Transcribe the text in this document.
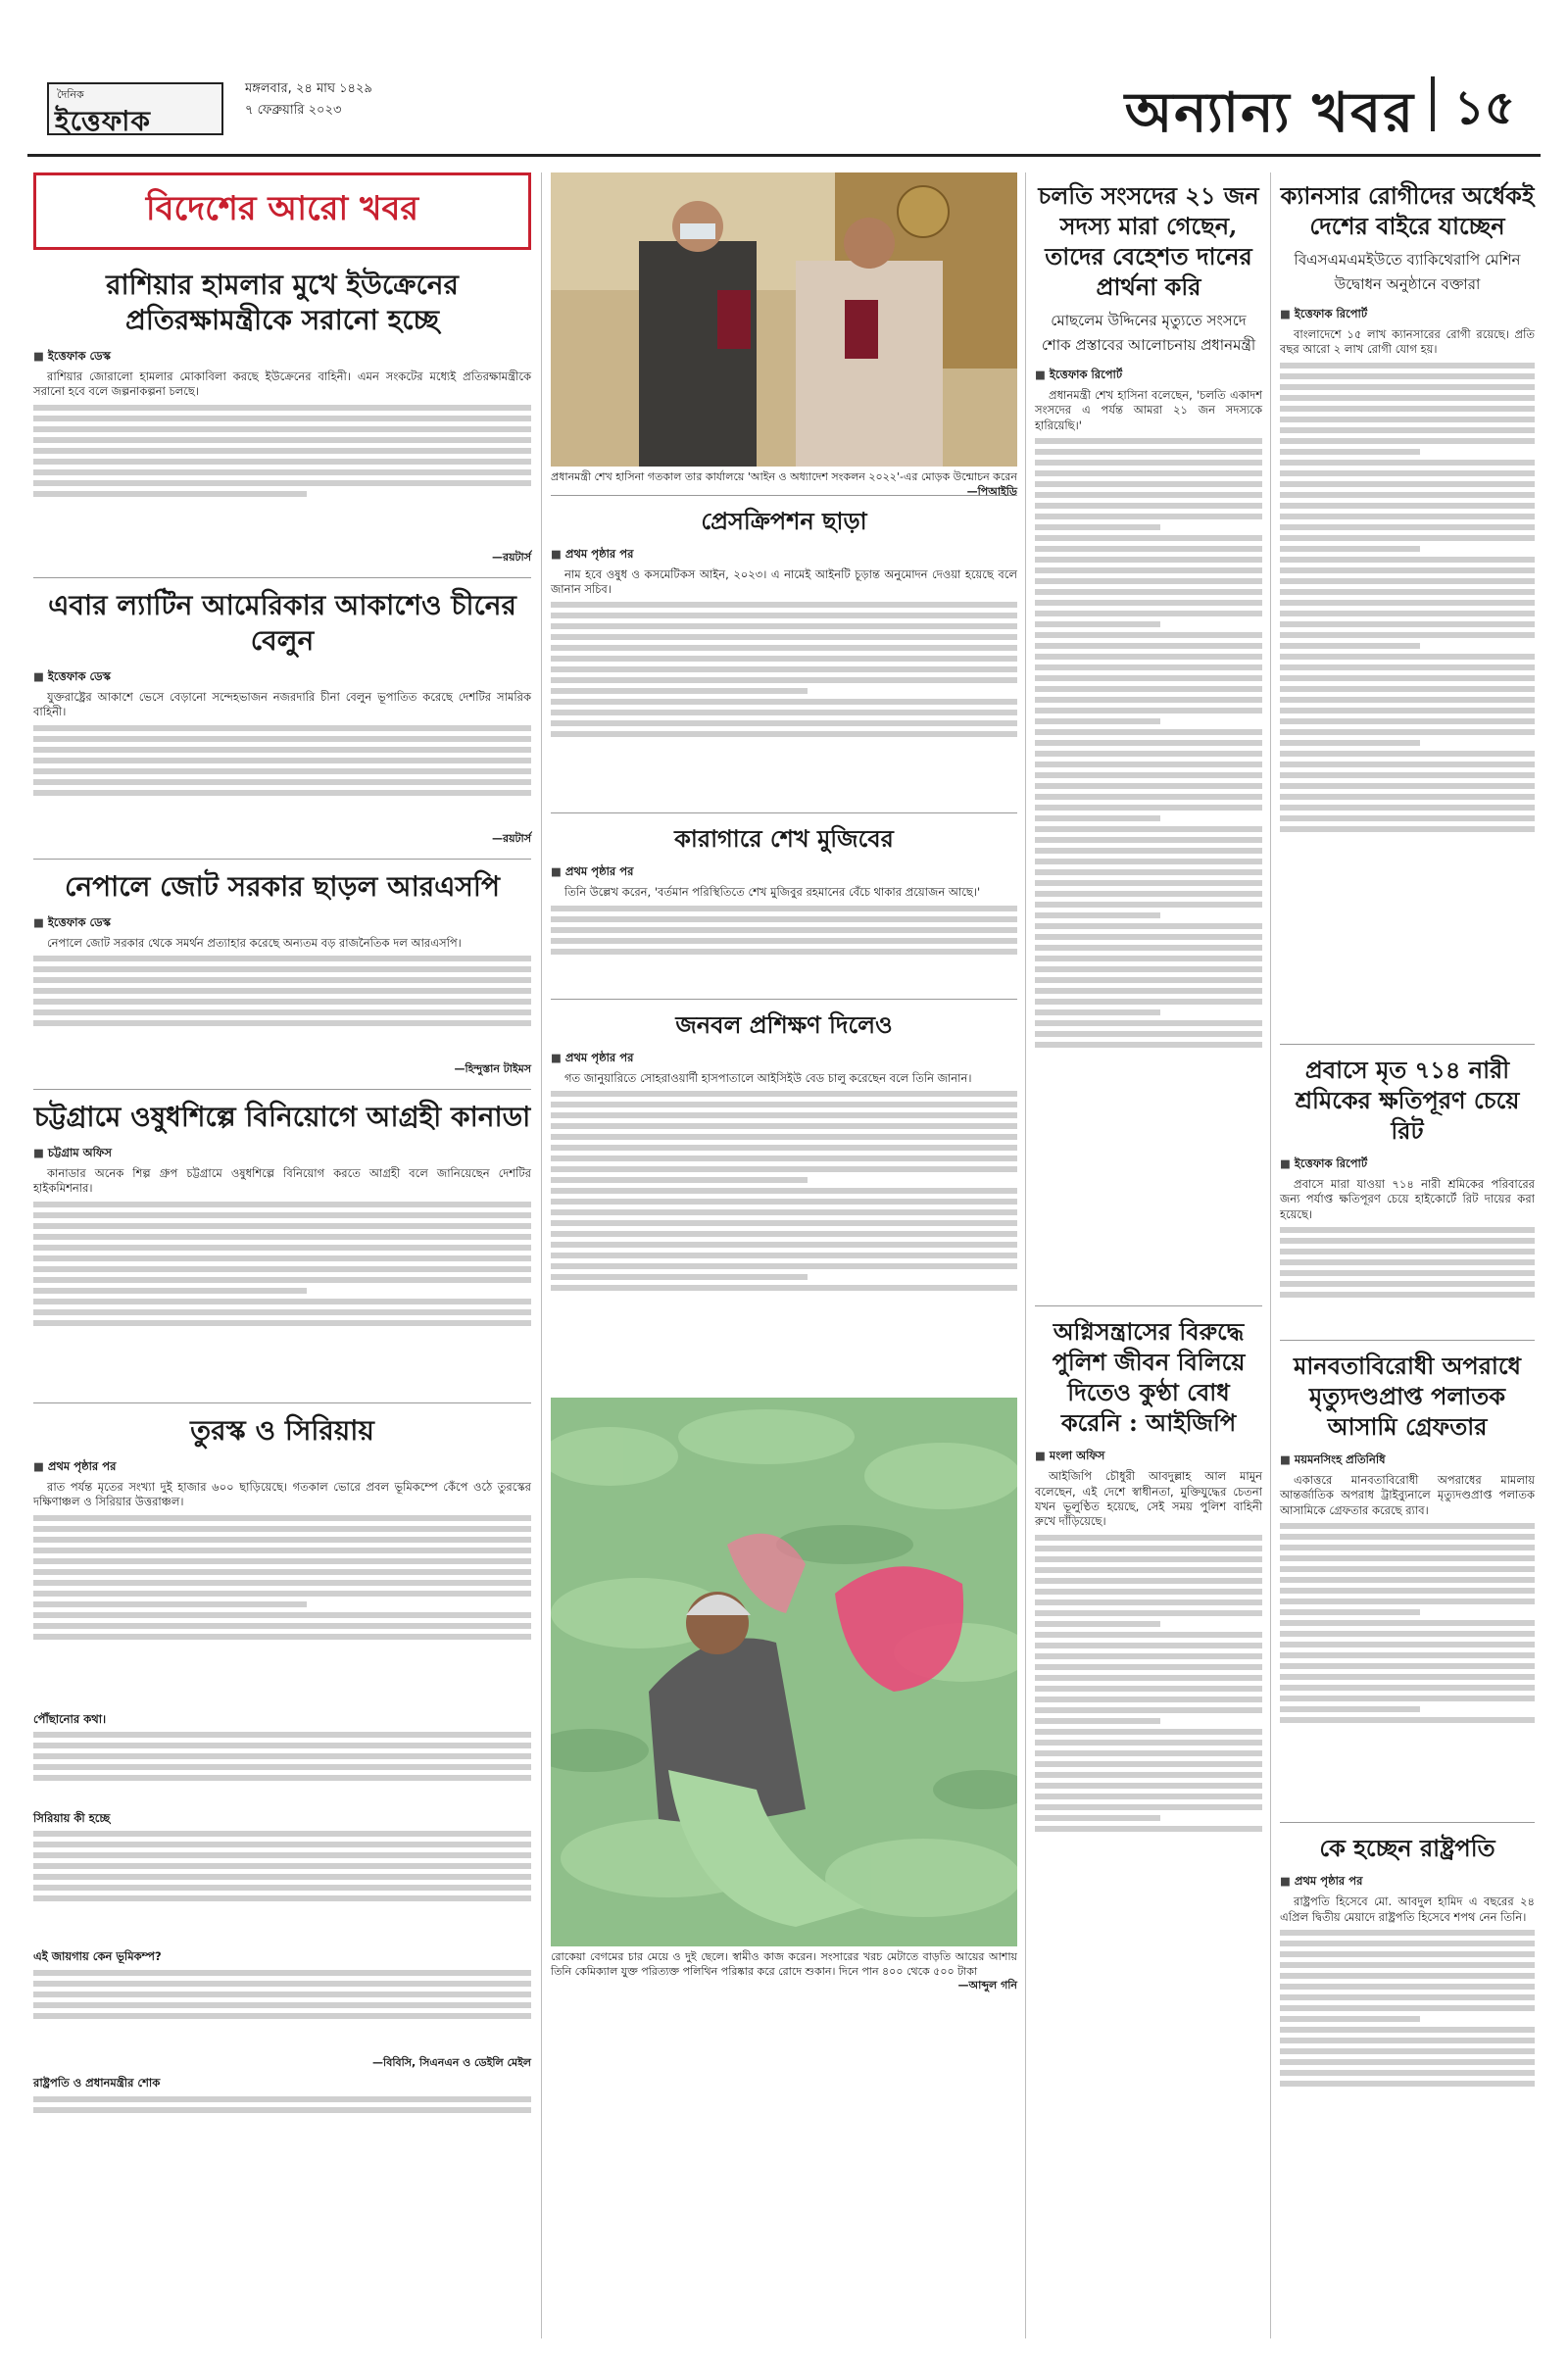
দৈনিক
ইত্তেফাক
মঙ্গলবার, ২৪ মাঘ ১৪২৯
৭ ফেব্রুয়ারি ২০২৩	অন্যান্য খবর ১৫
বিদেশের আরো খবর
রাশিয়ার হামলার মুখে ইউক্রেনের প্রতিরক্ষামন্ত্রীকে সরানো হচ্ছে
■ ইত্তেফাক ডেস্ক

রাশিয়ার জোরালো হামলার মোকাবিলা করছে ইউক্রেনের বাহিনী। এমন সংকটের মধ্যেই প্রতিরক্ষামন্ত্রীকে সরানো হবে বলে জল্পনাকল্পনা চলছে।

—রয়টার্স
এবার ল্যাটিন আমেরিকার আকাশেও চীনের বেলুন
■ ইত্তেফাক ডেস্ক

যুক্তরাষ্ট্রের আকাশে ভেসে বেড়ানো সন্দেহভাজন নজরদারি চীনা বেলুন ভূপাতিত করেছে দেশটির সামরিক বাহিনী।

—রয়টার্স
নেপালে জোট সরকার ছাড়ল আরএসপি
■ ইত্তেফাক ডেস্ক

নেপালে জোট সরকার থেকে সমর্থন প্রত্যাহার করেছে অন্যতম বড় রাজনৈতিক দল আরএসপি।

—হিন্দুস্তান টাইমস
চট্টগ্রামে ওষুধশিল্পে বিনিয়োগে আগ্রহী কানাডা
■ চট্টগ্রাম অফিস

কানাডার অনেক শিল্প গ্রুপ চট্টগ্রামে ওষুধশিল্পে বিনিয়োগ করতে আগ্রহী বলে জানিয়েছেন দেশটির হাইকমিশনার।

তুরস্ক ও সিরিয়ায়
■ প্রথম পৃষ্ঠার পর

রাত পর্যন্ত মৃতের সংখ্যা দুই হাজার ৬০০ ছাড়িয়েছে। গতকাল ভোরে প্রবল ভূমিকম্পে কেঁপে ওঠে তুরস্কের দক্ষিণাঞ্চল ও সিরিয়ার উত্তরাঞ্চল।

পৌঁছানোর কথা।
সিরিয়ায় কী হচ্ছে
এই জায়গায় কেন ভূমিকম্প?
—বিবিসি, সিএনএন ও ডেইলি মেইল
রাষ্ট্রপতি ও প্রধানমন্ত্রীর শোক
প্রধানমন্ত্রী শেখ হাসিনা গতকাল তার কার্যালয়ে 'আইন ও অধ্যাদেশ সংকলন ২০২২'-এর মোড়ক উন্মোচন করেন
—পিআইডি
প্রেসক্রিপশন ছাড়া
■ প্রথম পৃষ্ঠার পর

নাম হবে ওষুধ ও কসমেটিকস আইন, ২০২৩। এ নামেই আইনটি চূড়ান্ত অনুমোদন দেওয়া হয়েছে বলে জানান সচিব।

কারাগারে শেখ মুজিবের
■ প্রথম পৃষ্ঠার পর

তিনি উল্লেখ করেন, 'বর্তমান পরিস্থিতিতে শেখ মুজিবুর রহমানের বেঁচে থাকার প্রয়োজন আছে।'

জনবল প্রশিক্ষণ দিলেও
■ প্রথম পৃষ্ঠার পর

গত জানুয়ারিতে সোহরাওয়ার্দী হাসপাতালে আইসিইউ বেড চালু করেছেন বলে তিনি জানান।

রোকেয়া বেগমের চার মেয়ে ও দুই ছেলে। স্বামীও কাজ করেন। সংসারের খরচ মেটাতে বাড়তি আয়ের আশায় তিনি কেমিক্যাল যুক্ত পরিত্যক্ত পলিথিন পরিষ্কার করে রোদে শুকান। দিনে পান ৪০০ থেকে ৫০০ টাকা
—আব্দুল গনি
চলতি সংসদের ২১ জন সদস্য মারা গেছেন, তাদের বেহেশত দানের প্রার্থনা করি
মোছলেম উদ্দিনের মৃত্যুতে সংসদে শোক প্রস্তাবের আলোচনায় প্রধানমন্ত্রী
■ ইত্তেফাক রিপোর্ট

প্রধানমন্ত্রী শেখ হাসিনা বলেছেন, 'চলতি একাদশ সংসদের এ পর্যন্ত আমরা ২১ জন সদস্যকে হারিয়েছি।'

অগ্নিসন্ত্রাসের বিরুদ্ধে পুলিশ জীবন বিলিয়ে দিতেও কুণ্ঠা বোধ করেনি : আইজিপি
■ মংলা অফিস

আইজিপি চৌধুরী আবদুল্লাহ আল মামুন বলেছেন, এই দেশে স্বাধীনতা, মুক্তিযুদ্ধের চেতনা যখন ভূলুণ্ঠিত হয়েছে, সেই সময় পুলিশ বাহিনী রুখে দাঁড়িয়েছে।

ক্যানসার রোগীদের অর্ধেকই দেশের বাইরে যাচ্ছেন
বিএসএমএমইউতে ব্যাকিথেরাপি মেশিন উদ্বোধন অনুষ্ঠানে বক্তারা
■ ইত্তেফাক রিপোর্ট

বাংলাদেশে ১৫ লাখ ক্যানসারের রোগী রয়েছে। প্রতি বছর আরো ২ লাখ রোগী যোগ হয়।

প্রবাসে মৃত ৭১৪ নারী শ্রমিকের ক্ষতিপূরণ চেয়ে রিট
■ ইত্তেফাক রিপোর্ট

প্রবাসে মারা যাওয়া ৭১৪ নারী শ্রমিকের পরিবারের জন্য পর্যাপ্ত ক্ষতিপূরণ চেয়ে হাইকোর্টে রিট দায়ের করা হয়েছে।

মানবতাবিরোধী অপরাধে মৃত্যুদণ্ডপ্রাপ্ত পলাতক আসামি গ্রেফতার
■ ময়মনসিংহ প্রতিনিধি

একাত্তরে মানবতাবিরোধী অপরাধের মামলায় আন্তর্জাতিক অপরাধ ট্রাইব্যুনালে মৃত্যুদণ্ডপ্রাপ্ত পলাতক আসামিকে গ্রেফতার করেছে র‍্যাব।

কে হচ্ছেন রাষ্ট্রপতি
■ প্রথম পৃষ্ঠার পর

রাষ্ট্রপতি হিসেবে মো. আবদুল হামিদ এ বছরের ২৪ এপ্রিল দ্বিতীয় মেয়াদে রাষ্ট্রপতি হিসেবে শপথ নেন তিনি।
